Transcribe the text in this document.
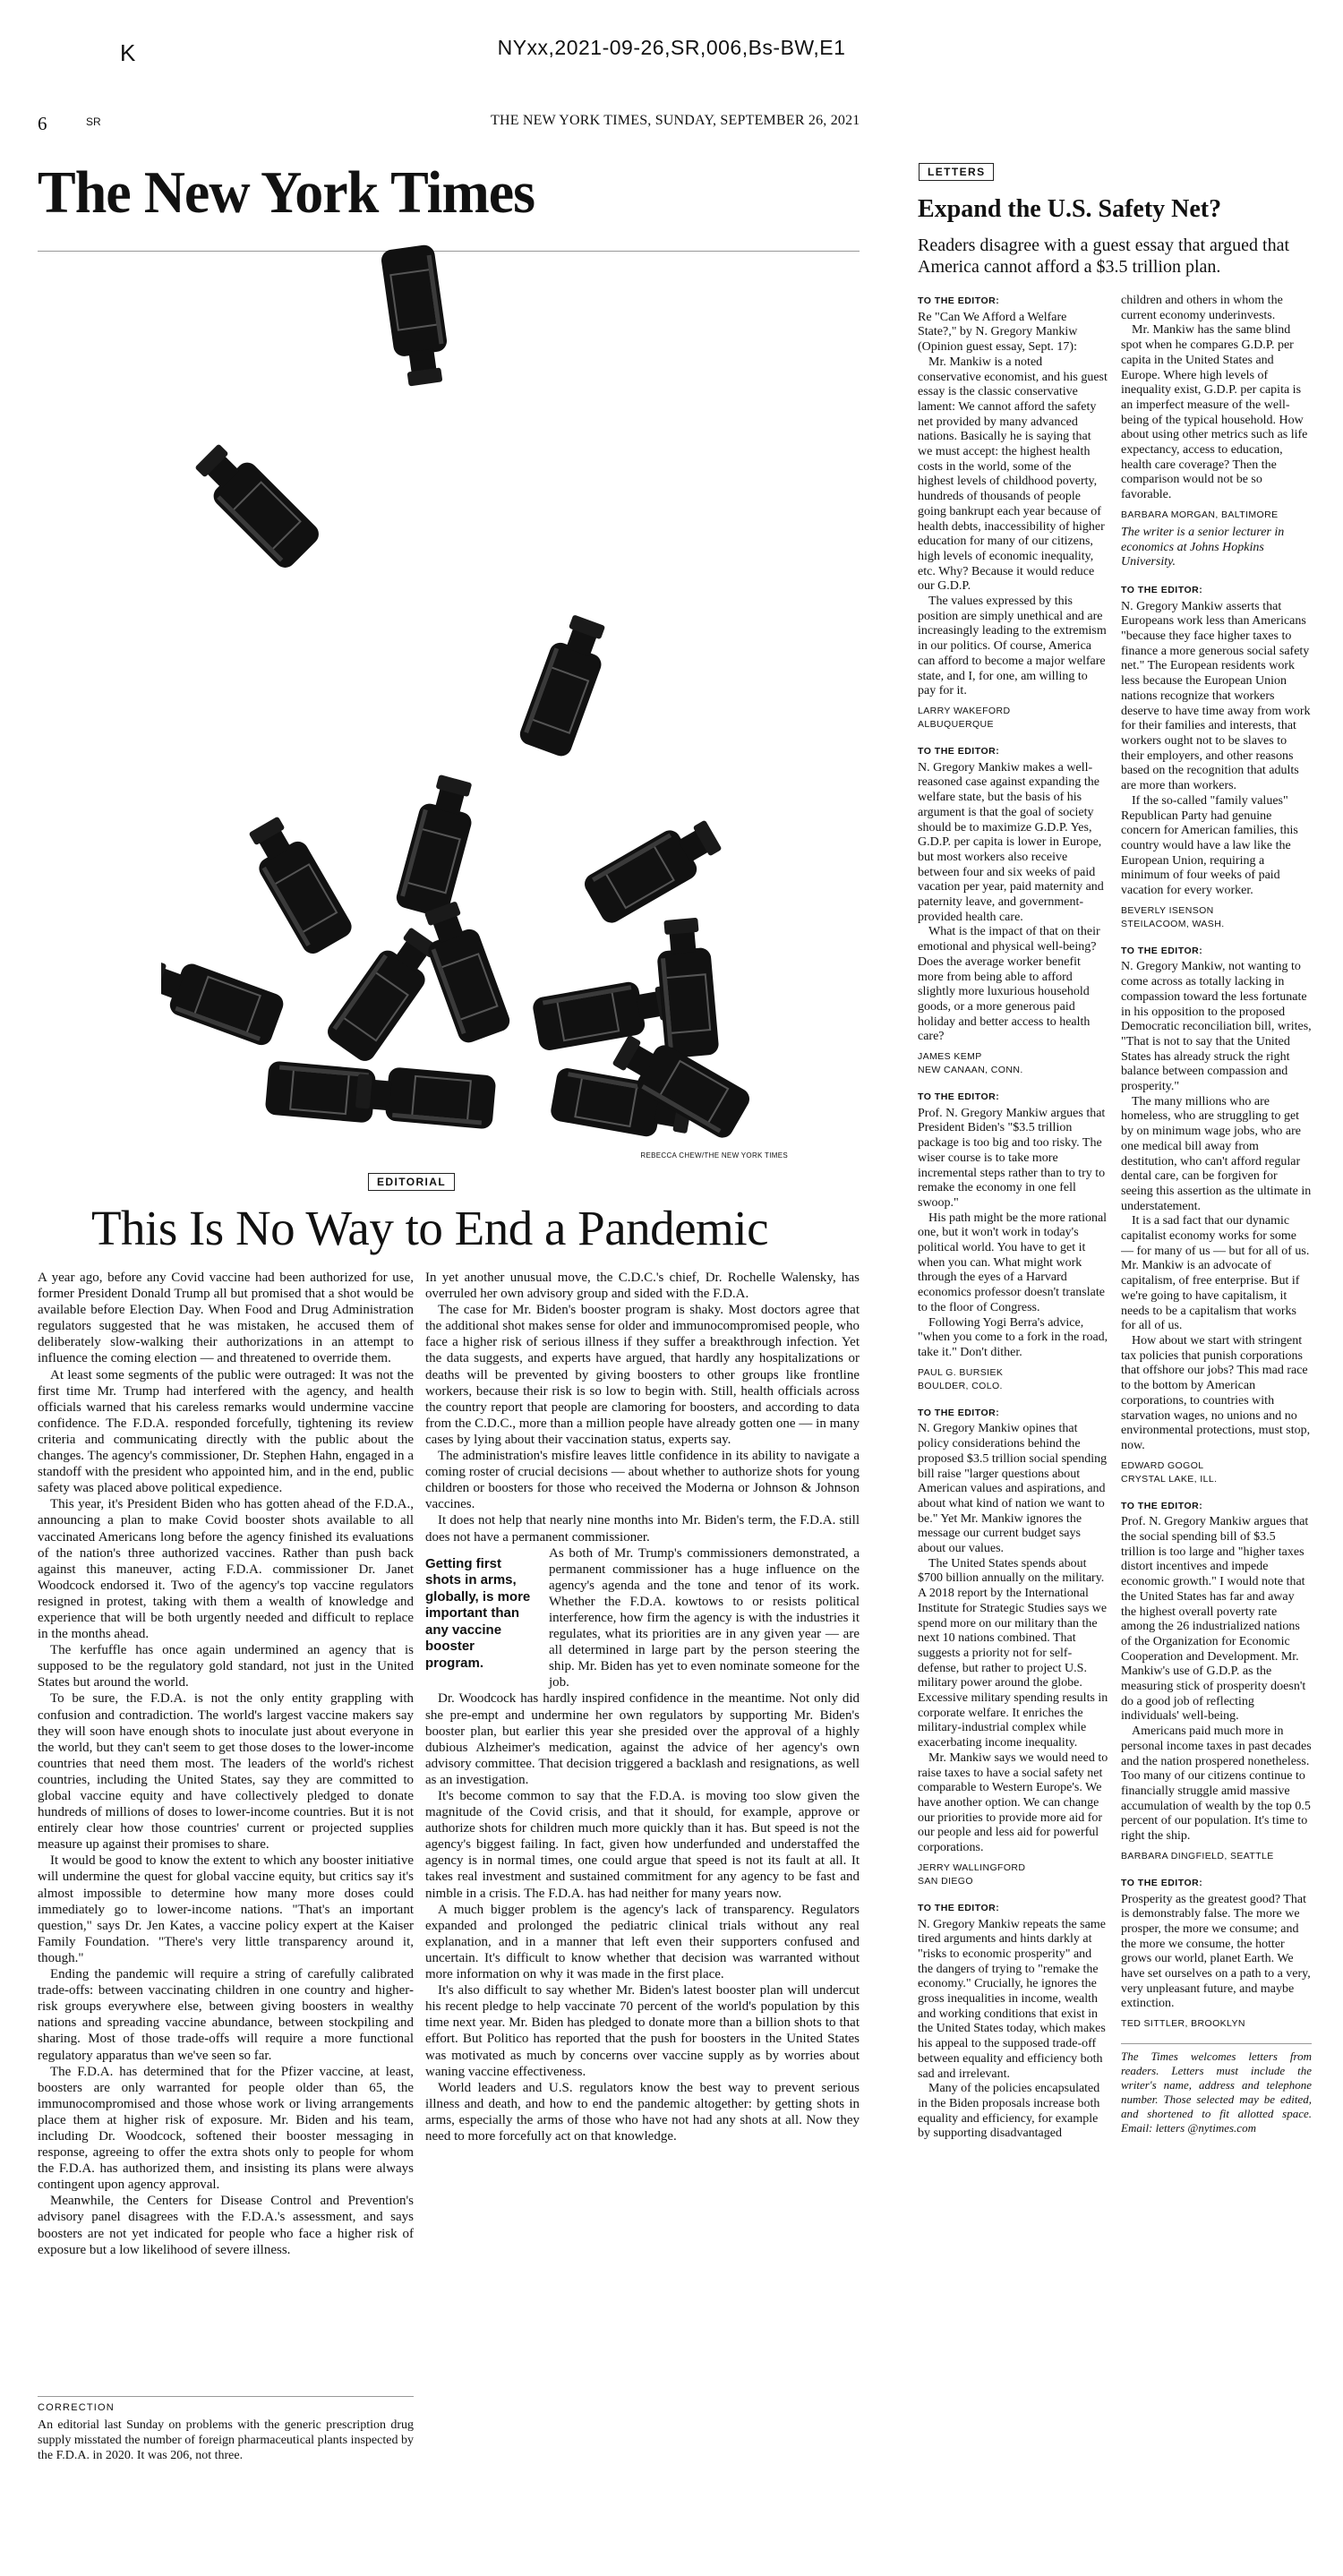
K	NYxx,2021-09-26,SR,006,Bs-BW,E1
6	SR	THE NEW YORK TIMES, SUNDAY, SEPTEMBER 26, 2021
The New York Times
REBECCA CHEW/THE NEW YORK TIMES
EDITORIAL
This Is No Way to End a Pandemic

A year ago, before any Covid vaccine had been authorized for use, former President Donald Trump all but promised that a shot would be available before Election Day. When Food and Drug Administration regulators suggested that he was mistaken, he accused them of deliberately slow-walking their authorizations in an attempt to influence the coming election — and threatened to override them.

At least some segments of the public were outraged: It was not the first time Mr. Trump had interfered with the agency, and health officials warned that his careless remarks would undermine vaccine confidence. The F.D.A. responded forcefully, tightening its review criteria and communicating directly with the public about the changes. The agency's commissioner, Dr. Stephen Hahn, engaged in a standoff with the president who appointed him, and in the end, public safety was placed above political expedience.

This year, it's President Biden who has gotten ahead of the F.D.A., announcing a plan to make Covid booster shots available to all vaccinated Americans long before the agency finished its evaluations of the nation's three authorized vaccines. Rather than push back against this maneuver, acting F.D.A. commissioner Dr. Janet Woodcock endorsed it. Two of the agency's top vaccine regulators resigned in protest, taking with them a wealth of knowledge and experience that will be both urgently needed and difficult to replace in the months ahead.

The kerfuffle has once again undermined an agency that is supposed to be the regulatory gold standard, not just in the United States but around the world.

To be sure, the F.D.A. is not the only entity grappling with confusion and contradiction. The world's largest vaccine makers say they will soon have enough shots to inoculate just about everyone in the world, but they can't seem to get those doses to the lower-income countries that need them most. The leaders of the world's richest countries, including the United States, say they are committed to global vaccine equity and have collectively pledged to donate hundreds of millions of doses to lower-income countries. But it is not entirely clear how those countries' current or projected supplies measure up against their promises to share.

It would be good to know the extent to which any booster initiative will undermine the quest for global vaccine equity, but critics say it's almost impossible to determine how many more doses could immediately go to lower-income nations. "That's an important question," says Dr. Jen Kates, a vaccine policy expert at the Kaiser Family Foundation. "There's very little transparency around it, though."

Ending the pandemic will require a string of carefully calibrated trade-offs: between vaccinating children in one country and higher-risk groups everywhere else, between giving boosters in wealthy nations and spreading vaccine abundance, between stockpiling and sharing. Most of those trade-offs will require a more functional regulatory apparatus than we've seen so far.

The F.D.A. has determined that for the Pfizer vaccine, at least, boosters are only warranted for people older than 65, the immunocompromised and those whose work or living arrangements place them at higher risk of exposure. Mr. Biden and his team, including Dr. Woodcock, softened their booster messaging in response, agreeing to offer the extra shots only to people for whom the F.D.A. has authorized them, and insisting its plans were always contingent upon agency approval.

Meanwhile, the Centers for Disease Control and Prevention's advisory panel disagrees with the F.D.A.'s assessment, and says boosters are not yet indicated for people who face a higher risk of exposure but a low likelihood of severe illness.

In yet another unusual move, the C.D.C.'s chief, Dr. Rochelle Walensky, has overruled her own advisory group and sided with the F.D.A.

The case for Mr. Biden's booster program is shaky. Most doctors agree that the additional shot makes sense for older and immunocompromised people, who face a higher risk of serious illness if they suffer a breakthrough infection. Yet the data suggests, and experts have argued, that hardly any hospitalizations or deaths will be prevented by giving boosters to other groups like frontline workers, because their risk is so low to begin with. Still, health officials across the country report that people are clamoring for boosters, and according to data from the C.D.C., more than a million people have already gotten one — in many cases by lying about their vaccination status, experts say.

The administration's misfire leaves little confidence in its ability to navigate a coming roster of crucial decisions — about whether to authorize shots for young children or boosters for those who received the Moderna or Johnson & Johnson vaccines.

It does not help that nearly nine months into Mr. Biden's term, the F.D.A. still does not have a permanent commissioner.

Getting first shots in arms, globally, is more important than any vaccine booster program.

As both of Mr. Trump's commissioners demonstrated, a permanent commissioner has a huge influence on the agency's agenda and the tone and tenor of its work. Whether the F.D.A. kowtows to or resists political interference, how firm the agency is with the industries it regulates, what its priorities are in any given year — are all determined in large part by the person steering the ship. Mr. Biden has yet to even nominate someone for the job.

Dr. Woodcock has hardly inspired confidence in the meantime. Not only did she pre-empt and undermine her own regulators by supporting Mr. Biden's booster plan, but earlier this year she presided over the approval of a highly dubious Alzheimer's medication, against the advice of her agency's own advisory committee. That decision triggered a backlash and resignations, as well as an investigation.

It's become common to say that the F.D.A. is moving too slow given the magnitude of the Covid crisis, and that it should, for example, approve or authorize shots for children much more quickly than it has. But speed is not the agency's biggest failing. In fact, given how underfunded and understaffed the agency is in normal times, one could argue that speed is not its fault at all. It takes real investment and sustained commitment for any agency to be fast and nimble in a crisis. The F.D.A. has had neither for many years now.

A much bigger problem is the agency's lack of transparency. Regulators expanded and prolonged the pediatric clinical trials without any real explanation, and in a manner that left even their supporters confused and uncertain. It's difficult to know whether that decision was warranted without more information on why it was made in the first place.

It's also difficult to say whether Mr. Biden's latest booster plan will undercut his recent pledge to help vaccinate 70 percent of the world's population by this time next year. Mr. Biden has pledged to donate more than a billion shots to that effort. But Politico has reported that the push for boosters in the United States was motivated as much by concerns over vaccine supply as by worries about waning vaccine effectiveness.

World leaders and U.S. regulators know the best way to prevent serious illness and death, and how to end the pandemic altogether: by getting shots in arms, especially the arms of those who have not had any shots at all. Now they need to more forcefully act on that knowledge.

CORRECTION
An editorial last Sunday on problems with the generic prescription drug supply misstated the number of foreign pharmaceutical plants inspected by the F.D.A. in 2020. It was 206, not three.
LETTERS
Expand the U.S. Safety Net?
Readers disagree with a guest essay that argued that America cannot afford a $3.5 trillion plan.
TO THE EDITOR:

Re "Can We Afford a Welfare State?," by N. Gregory Mankiw (Opinion guest essay, Sept. 17):

Mr. Mankiw is a noted conservative economist, and his guest essay is the classic conservative lament: We cannot afford the safety net provided by many advanced nations. Basically he is saying that we must accept: the highest health costs in the world, some of the highest levels of childhood poverty, hundreds of thousands of people going bankrupt each year because of health debts, inaccessibility of higher education for many of our citizens, high levels of economic inequality, etc. Why? Because it would reduce our G.D.P.

The values expressed by this position are simply unethical and are increasingly leading to the extremism in our politics. Of course, America can afford to become a major welfare state, and I, for one, am willing to pay for it.

LARRY WAKEFORD
ALBUQUERQUE
TO THE EDITOR:

N. Gregory Mankiw makes a well-reasoned case against expanding the welfare state, but the basis of his argument is that the goal of society should be to maximize G.D.P. Yes, G.D.P. per capita is lower in Europe, but most workers also receive between four and six weeks of paid vacation per year, paid maternity and paternity leave, and government-provided health care.

What is the impact of that on their emotional and physical well-being? Does the average worker benefit more from being able to afford slightly more luxurious household goods, or a more generous paid holiday and better access to health care?

JAMES KEMP
NEW CANAAN, CONN.
TO THE EDITOR:

Prof. N. Gregory Mankiw argues that President Biden's "$3.5 trillion package is too big and too risky. The wiser course is to take more incremental steps rather than to try to remake the economy in one fell swoop."

His path might be the more rational one, but it won't work in today's political world. You have to get it when you can. What might work through the eyes of a Harvard economics professor doesn't translate to the floor of Congress.

Following Yogi Berra's advice, "when you come to a fork in the road, take it." Don't dither.

PAUL G. BURSIEK
BOULDER, COLO.
TO THE EDITOR:

N. Gregory Mankiw opines that policy considerations behind the proposed $3.5 trillion social spending bill raise "larger questions about American values and aspirations, and about what kind of nation we want to be." Yet Mr. Mankiw ignores the message our current budget says about our values.

The United States spends about $700 billion annually on the military. A 2018 report by the International Institute for Strategic Studies says we spend more on our military than the next 10 nations combined. That suggests a priority not for self-defense, but rather to project U.S. military power around the globe. Excessive military spending results in corporate welfare. It enriches the military-industrial complex while exacerbating income inequality.

Mr. Mankiw says we would need to raise taxes to have a social safety net comparable to Western Europe's. We have another option. We can change our priorities to provide more aid for our people and less aid for powerful corporations.

JERRY WALLINGFORD
SAN DIEGO
TO THE EDITOR:

N. Gregory Mankiw repeats the same tired arguments and hints darkly at "risks to economic prosperity" and the dangers of trying to "remake the economy." Crucially, he ignores the gross inequalities in income, wealth and working conditions that exist in the United States today, which makes his appeal to the supposed trade-off between equality and efficiency both sad and irrelevant.

Many of the policies encapsulated in the Biden proposals increase both equality and efficiency, for example by supporting disadvantaged

children and others in whom the current economy underinvests.

Mr. Mankiw has the same blind spot when he compares G.D.P. per capita in the United States and Europe. Where high levels of inequality exist, G.D.P. per capita is an imperfect measure of the well-being of the typical household. How about using other metrics such as life expectancy, access to education, health care coverage? Then the comparison would not be so favorable.

BARBARA MORGAN, BALTIMORE

The writer is a senior lecturer in economics at Johns Hopkins University.

TO THE EDITOR:

N. Gregory Mankiw asserts that Europeans work less than Americans "because they face higher taxes to finance a more generous social safety net." The European residents work less because the European Union nations recognize that workers deserve to have time away from work for their families and interests, that workers ought not to be slaves to their employers, and other reasons based on the recognition that adults are more than workers.

If the so-called "family values" Republican Party had genuine concern for American families, this country would have a law like the European Union, requiring a minimum of four weeks of paid vacation for every worker.

BEVERLY ISENSON
STEILACOOM, WASH.
TO THE EDITOR:

N. Gregory Mankiw, not wanting to come across as totally lacking in compassion toward the less fortunate in his opposition to the proposed Democratic reconciliation bill, writes, "That is not to say that the United States has already struck the right balance between compassion and prosperity."

The many millions who are homeless, who are struggling to get by on minimum wage jobs, who are one medical bill away from destitution, who can't afford regular dental care, can be forgiven for seeing this assertion as the ultimate in understatement.

It is a sad fact that our dynamic capitalist economy works for some — for many of us — but for all of us. Mr. Mankiw is an advocate of capitalism, of free enterprise. But if we're going to have capitalism, it needs to be a capitalism that works for all of us.

How about we start with stringent tax policies that punish corporations that offshore our jobs? This mad race to the bottom by American corporations, to countries with starvation wages, no unions and no environmental protections, must stop, now.

EDWARD GOGOL
CRYSTAL LAKE, ILL.
TO THE EDITOR:

Prof. N. Gregory Mankiw argues that the social spending bill of $3.5 trillion is too large and "higher taxes distort incentives and impede economic growth." I would note that the United States has far and away the highest overall poverty rate among the 26 industrialized nations of the Organization for Economic Cooperation and Development. Mr. Mankiw's use of G.D.P. as the measuring stick of prosperity doesn't do a good job of reflecting individuals' well-being.

Americans paid much more in personal income taxes in past decades and the nation prospered nonetheless. Too many of our citizens continue to financially struggle amid massive accumulation of wealth by the top 0.5 percent of our population. It's time to right the ship.

BARBARA DINGFIELD, SEATTLE
TO THE EDITOR:

Prosperity as the greatest good? That is demonstrably false. The more we prosper, the more we consume; and the more we consume, the hotter grows our world, planet Earth. We have set ourselves on a path to a very, very unpleasant future, and maybe extinction.

TED SITTLER, BROOKLYN
The Times welcomes letters from readers. Letters must include the writer's name, address and telephone number. Those selected may be edited, and shortened to fit allotted space. Email: letters @nytimes.com
